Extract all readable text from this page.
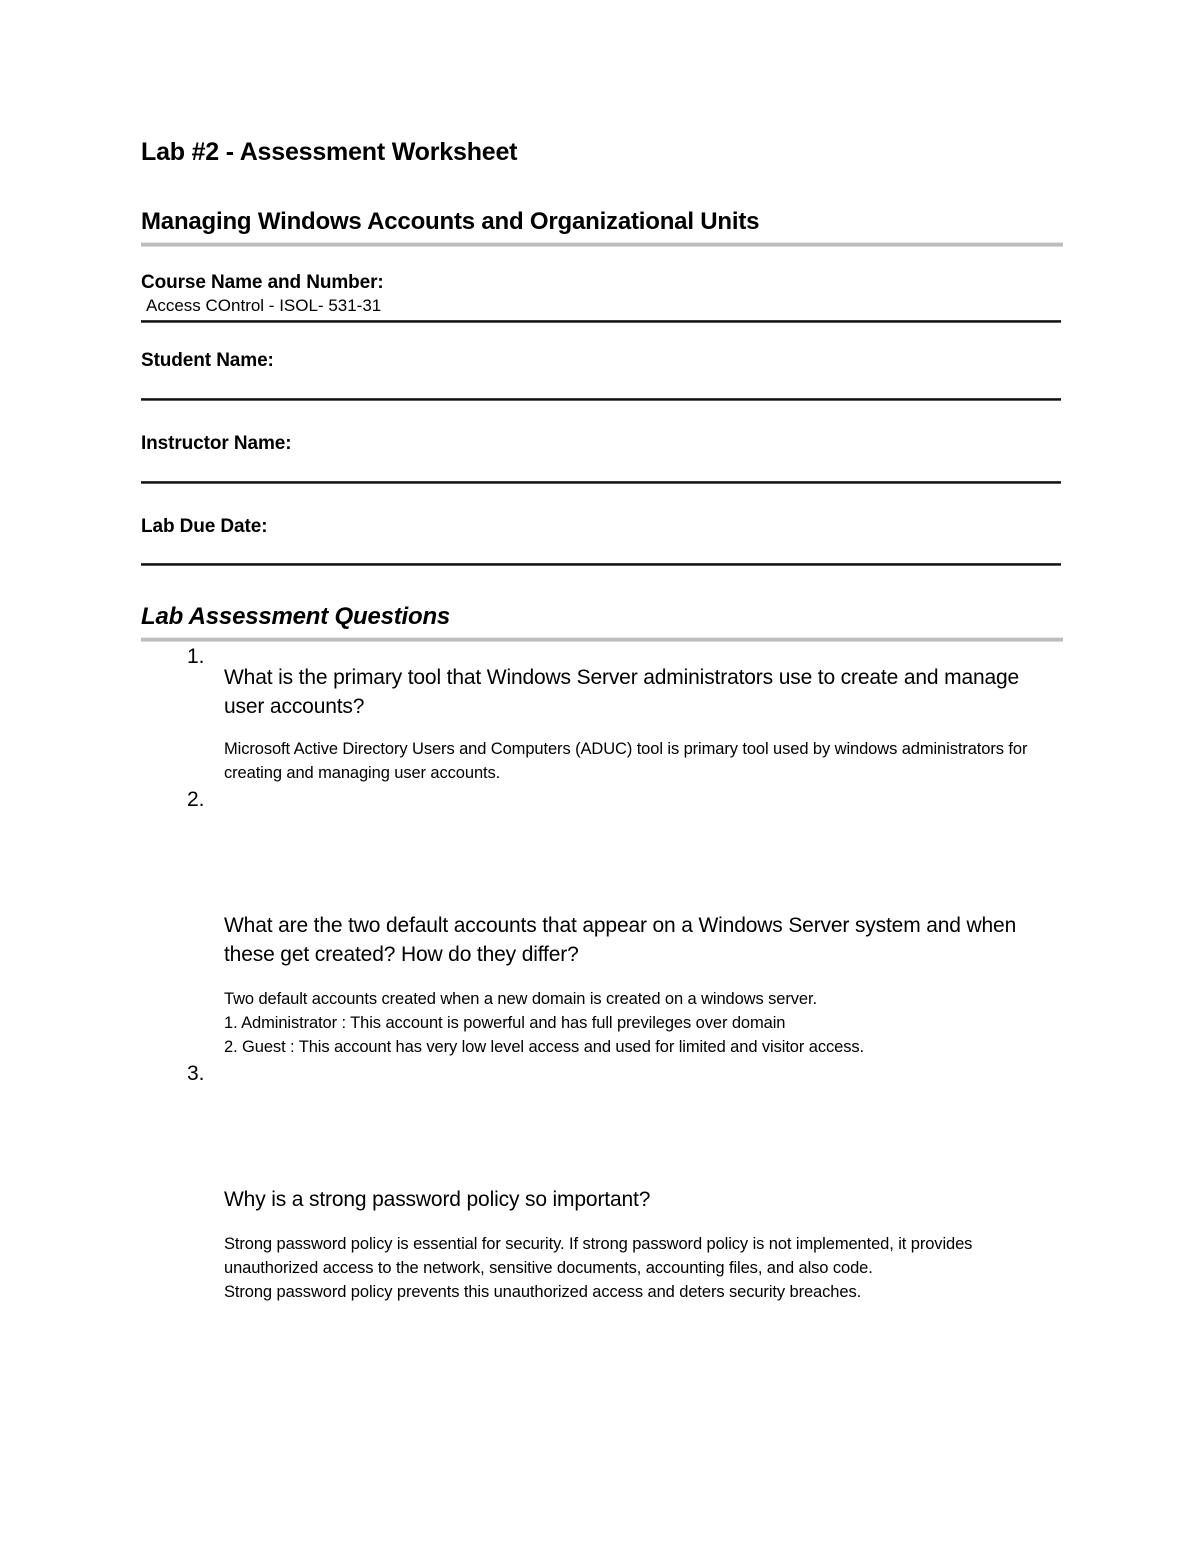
Lab #2 - Assessment Worksheet
Managing Windows Accounts and Organizational Units
Course Name and Number:
Access COntrol - ISOL- 531-31
Student Name:
Instructor Name:
Lab Due Date:
Lab Assessment Questions
1.
What is the primary tool that Windows Server administrators use to create and manage user accounts?
Microsoft Active Directory Users and Computers (ADUC) tool is primary tool used by windows administrators for creating and managing user accounts.
2.
What are the two default accounts that appear on a Windows Server system and when these get created? How do they differ?
Two default accounts created when a new domain is created on a windows server.
1. Administrator : This account is powerful and has full previleges over domain
2. Guest : This account has very low level access and used for limited and visitor access.
3.
Why is a strong password policy so important?
Strong password policy is essential for security. If strong password policy is not implemented, it provides unauthorized access to the network, sensitive documents, accounting files, and also code.
Strong password policy prevents this unauthorized access and deters security breaches.
